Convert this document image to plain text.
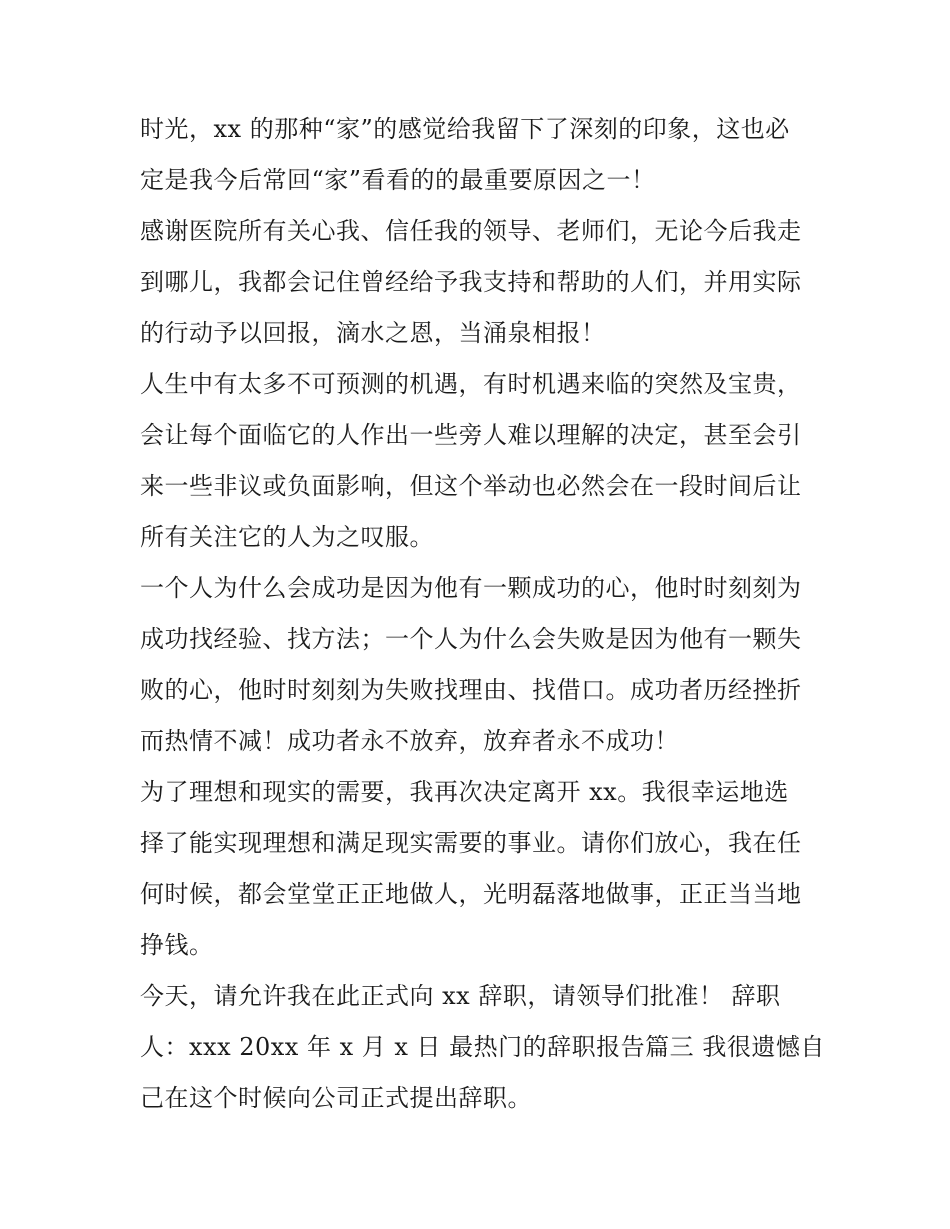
时光，xx 的那种“家”的感觉给我留下了深刻的印象，这也必
定是我今后常回“家”看看的的最重要原因之一！
感谢医院所有关心我、信任我的领导、老师们，无论今后我走
到哪儿，我都会记住曾经给予我支持和帮助的人们，并用实际
的行动予以回报，滴水之恩，当涌泉相报！
人生中有太多不可预测的机遇，有时机遇来临的突然及宝贵，
会让每个面临它的人作出一些旁人难以理解的决定，甚至会引
来一些非议或负面影响，但这个举动也必然会在一段时间后让
所有关注它的人为之叹服。
一个人为什么会成功是因为他有一颗成功的心，他时时刻刻为
成功找经验、找方法；一个人为什么会失败是因为他有一颗失
败的心，他时时刻刻为失败找理由、找借口。成功者历经挫折
而热情不减！成功者永不放弃，放弃者永不成功！
为了理想和现实的需要，我再次决定离开 xx。我很幸运地选
择了能实现理想和满足现实需要的事业。请你们放心，我在任
何时候，都会堂堂正正地做人，光明磊落地做事，正正当当地
挣钱。
今天，请允许我在此正式向 xx 辞职，请领导们批准！ 辞职
人：xxx 20xx 年 x 月 x 日 最热门的辞职报告篇三 我很遗憾自
己在这个时候向公司正式提出辞职。
